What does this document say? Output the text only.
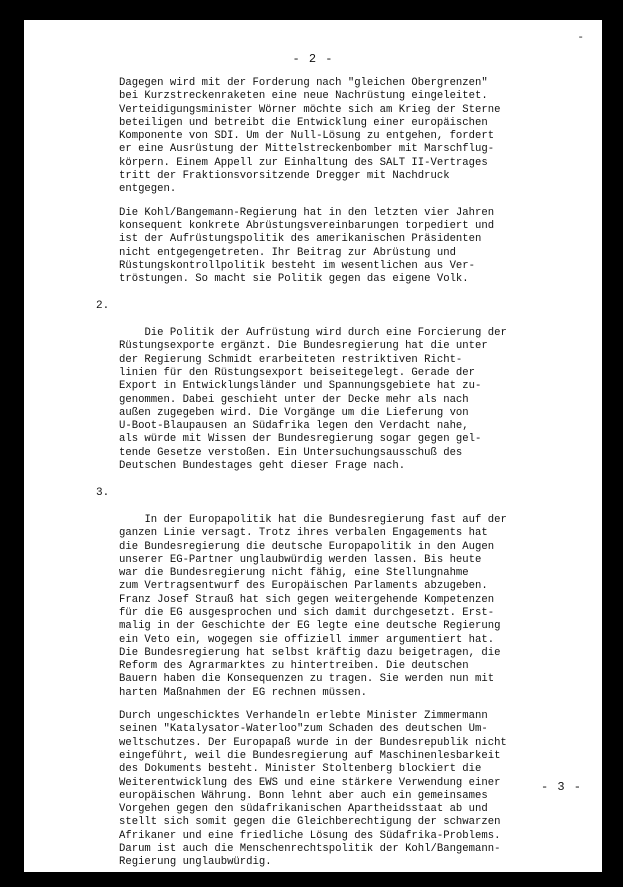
-
- 2 -
Dagegen wird mit der Forderung nach "gleichen Obergrenzen"
bei Kurzstreckenraketen eine neue Nachrüstung eingeleitet.
Verteidigungsminister Wörner möchte sich am Krieg der Sterne
beteiligen und betreibt die Entwicklung einer europäischen
Komponente von SDI. Um der Null-Lösung zu entgehen, fordert
er eine Ausrüstung der Mittelstreckenbomber mit Marschflug-
körpern. Einem Appell zur Einhaltung des SALT II-Vertrages
tritt der Fraktionsvorsitzende Dregger mit Nachdruck
entgegen.
Die Kohl/Bangemann-Regierung hat in den letzten vier Jahren
konsequent konkrete Abrüstungsvereinbarungen torpediert und
ist der Aufrüstungspolitik des amerikanischen Präsidenten
nicht entgegengetreten. Ihr Beitrag zur Abrüstung und
Rüstungskontrollpolitik besteht im wesentlichen aus Ver-
tröstungen. So macht sie Politik gegen das eigene Volk.

2.

Die Politik der Aufrüstung wird durch eine Forcierung der
Rüstungsexporte ergänzt. Die Bundesregierung hat die unter
der Regierung Schmidt erarbeiteten restriktiven Richt-
linien für den Rüstungsexport beiseitegelegt. Gerade der
Export in Entwicklungsländer und Spannungsgebiete hat zu-
genommen. Dabei geschieht unter der Decke mehr als nach
außen zugegeben wird. Die Vorgänge um die Lieferung von
U-Boot-Blaupausen an Südafrika legen den Verdacht nahe,
als würde mit Wissen der Bundesregierung sogar gegen gel-
tende Gesetze verstoßen. Ein Untersuchungsausschuß des
Deutschen Bundestages geht dieser Frage nach.

3.

In der Europapolitik hat die Bundesregierung fast auf der
ganzen Linie versagt. Trotz ihres verbalen Engagements hat
die Bundesregierung die deutsche Europapolitik in den Augen
unserer EG-Partner unglaubwürdig werden lassen. Bis heute
war die Bundesregierung nicht fähig, eine Stellungnahme
zum Vertragsentwurf des Europäischen Parlaments abzugeben.
Franz Josef Strauß hat sich gegen weitergehende Kompetenzen
für die EG ausgesprochen und sich damit durchgesetzt. Erst-
malig in der Geschichte der EG legte eine deutsche Regierung
ein Veto ein, wogegen sie offiziell immer argumentiert hat.
Die Bundesregierung hat selbst kräftig dazu beigetragen, die
Reform des Agrarmarktes zu hintertreiben. Die deutschen
Bauern haben die Konsequenzen zu tragen. Sie werden nun mit
harten Maßnahmen der EG rechnen müssen.
Durch ungeschicktes Verhandeln erlebte Minister Zimmermann
seinen "Katalysator-Waterloo"zum Schaden des deutschen Um-
weltschutzes. Der Europapaß wurde in der Bundesrepublik nicht
eingeführt, weil die Bundesregierung auf Maschinenlesbarkeit
des Dokuments besteht. Minister Stoltenberg blockiert die
Weiterentwicklung des EWS und eine stärkere Verwendung einer
europäischen Währung. Bonn lehnt aber auch ein gemeinsames
Vorgehen gegen den südafrikanischen Apartheidsstaat ab und
stellt sich somit gegen die Gleichberechtigung der schwarzen
Afrikaner und eine friedliche Lösung des Südafrika-Problems.
Darum ist auch die Menschenrechtspolitik der Kohl/Bangemann-
Regierung unglaubwürdig.
- 3 -
